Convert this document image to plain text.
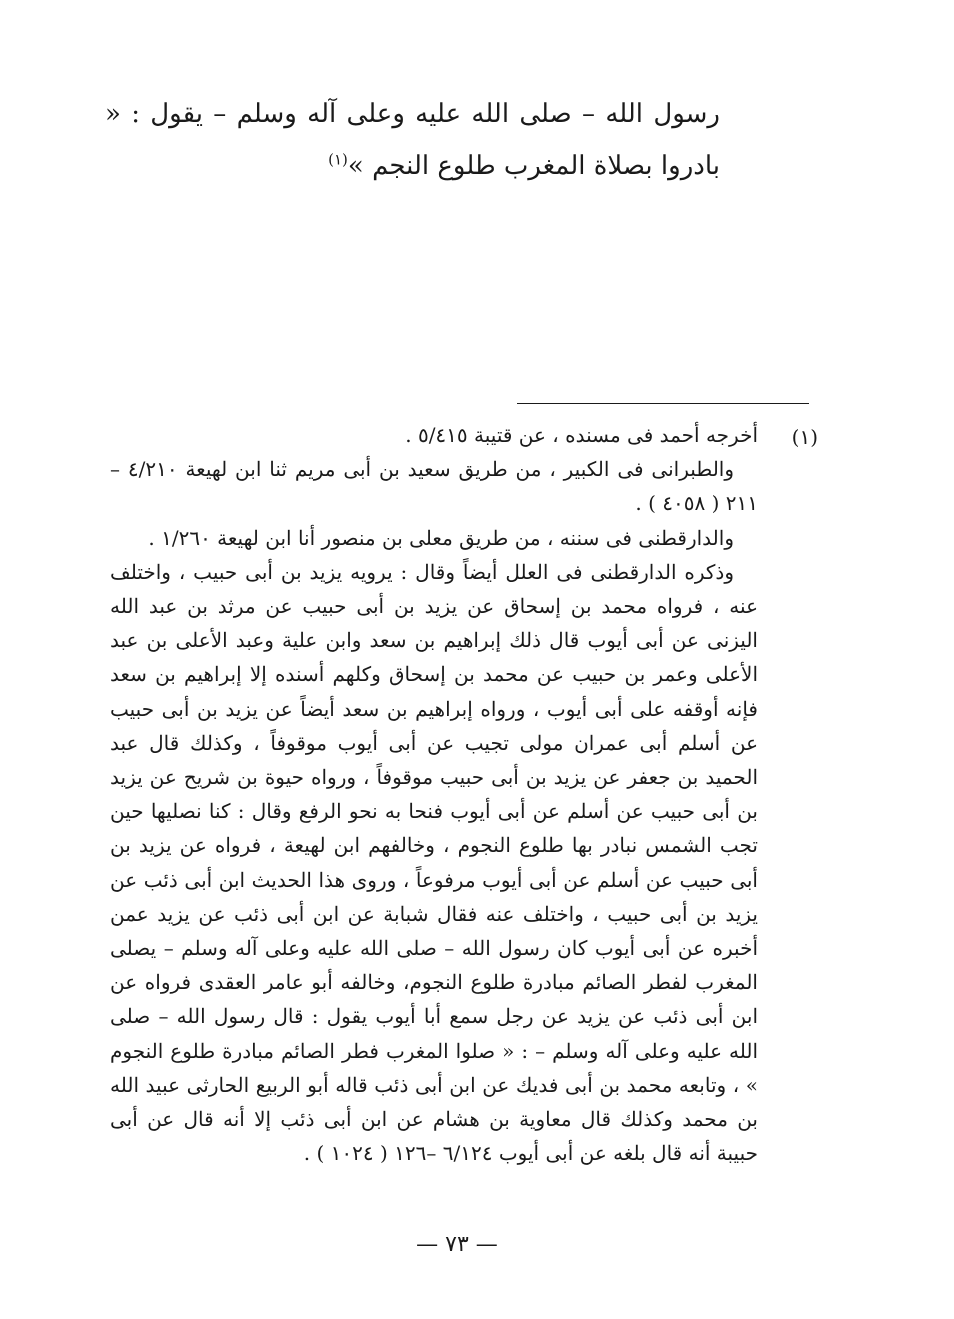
رسول الله – صلى الله عليه وعلى آله وسلم – يقول : « بادروا بصلاة المغرب طلوع النجم »$^{(١)}$

(١)

أخرجه أحمد فى مسنده ، عن قتيبة ٥/٤١٥ .

والطبرانى فى الكبير ، من طريق سعيد بن أبى مريم ثنا ابن لهيعة ٤/٢١٠ – ٢١١ ( ٤٠٥٨ ) .

والدارقطنى فى سننه ، من طريق معلى بن منصور أنا ابن لهيعة ١/٢٦٠ .

وذكره الدارقطنى فى العلل أيضاً وقال : يرويه يزيد بن أبى حبيب ، واختلف عنه ، فرواه محمد بن إسحاق عن يزيد بن أبى حبيب عن مرثد بن عبد الله اليزنى عن أبى أيوب قال ذلك إبراهيم بن سعد وابن علية وعبد الأعلى بن عبد الأعلى وعمر بن حبيب عن محمد بن إسحاق وكلهم أسنده إلا إبراهيم بن سعد فإنه أوقفه على أبى أيوب ، ورواه إبراهيم بن سعد أيضاً عن يزيد بن أبى حبيب عن أسلم أبى عمران مولى تجيب عن أبى أيوب موقوفاً ، وكذلك قال عبد الحميد بن جعفر عن يزيد بن أبى حبيب موقوفاً ، ورواه حيوة بن شريح عن يزيد بن أبى حبيب عن أسلم عن أبى أيوب فنحا به نحو الرفع وقال : كنا نصليها حين تجب الشمس نبادر بها طلوع النجوم ، وخالفهم ابن لهيعة ، فرواه عن يزيد بن أبى حبيب عن أسلم عن أبى أيوب مرفوعاً ، وروى هذا الحديث ابن أبى ذئب عن يزيد بن أبى حبيب ، واختلف عنه فقال شبابة عن ابن أبى ذئب عن يزيد عمن أخبره عن أبى أيوب كان رسول الله – صلى الله عليه وعلى آله وسلم – يصلى المغرب لفطر الصائم مبادرة طلوع النجوم، وخالفه أبو عامر العقدى فرواه عن ابن أبى ذئب عن يزيد عن رجل سمع أبا أيوب يقول : قال رسول الله – صلى الله عليه وعلى آله وسلم – : « صلوا المغرب فطر الصائم مبادرة طلوع النجوم » ، وتابعه محمد بن أبى فديك عن ابن أبى ذئب قاله أبو الربيع الحارثى عبيد الله بن محمد وكذلك قال معاوية بن هشام عن ابن أبى ذئب إلا أنه قال عن أبى حبيبة أنه قال بلغه عن أبى أيوب ٦/١٢٤ –١٢٦ ( ١٠٢٤ ) .

— ٧٣ —
